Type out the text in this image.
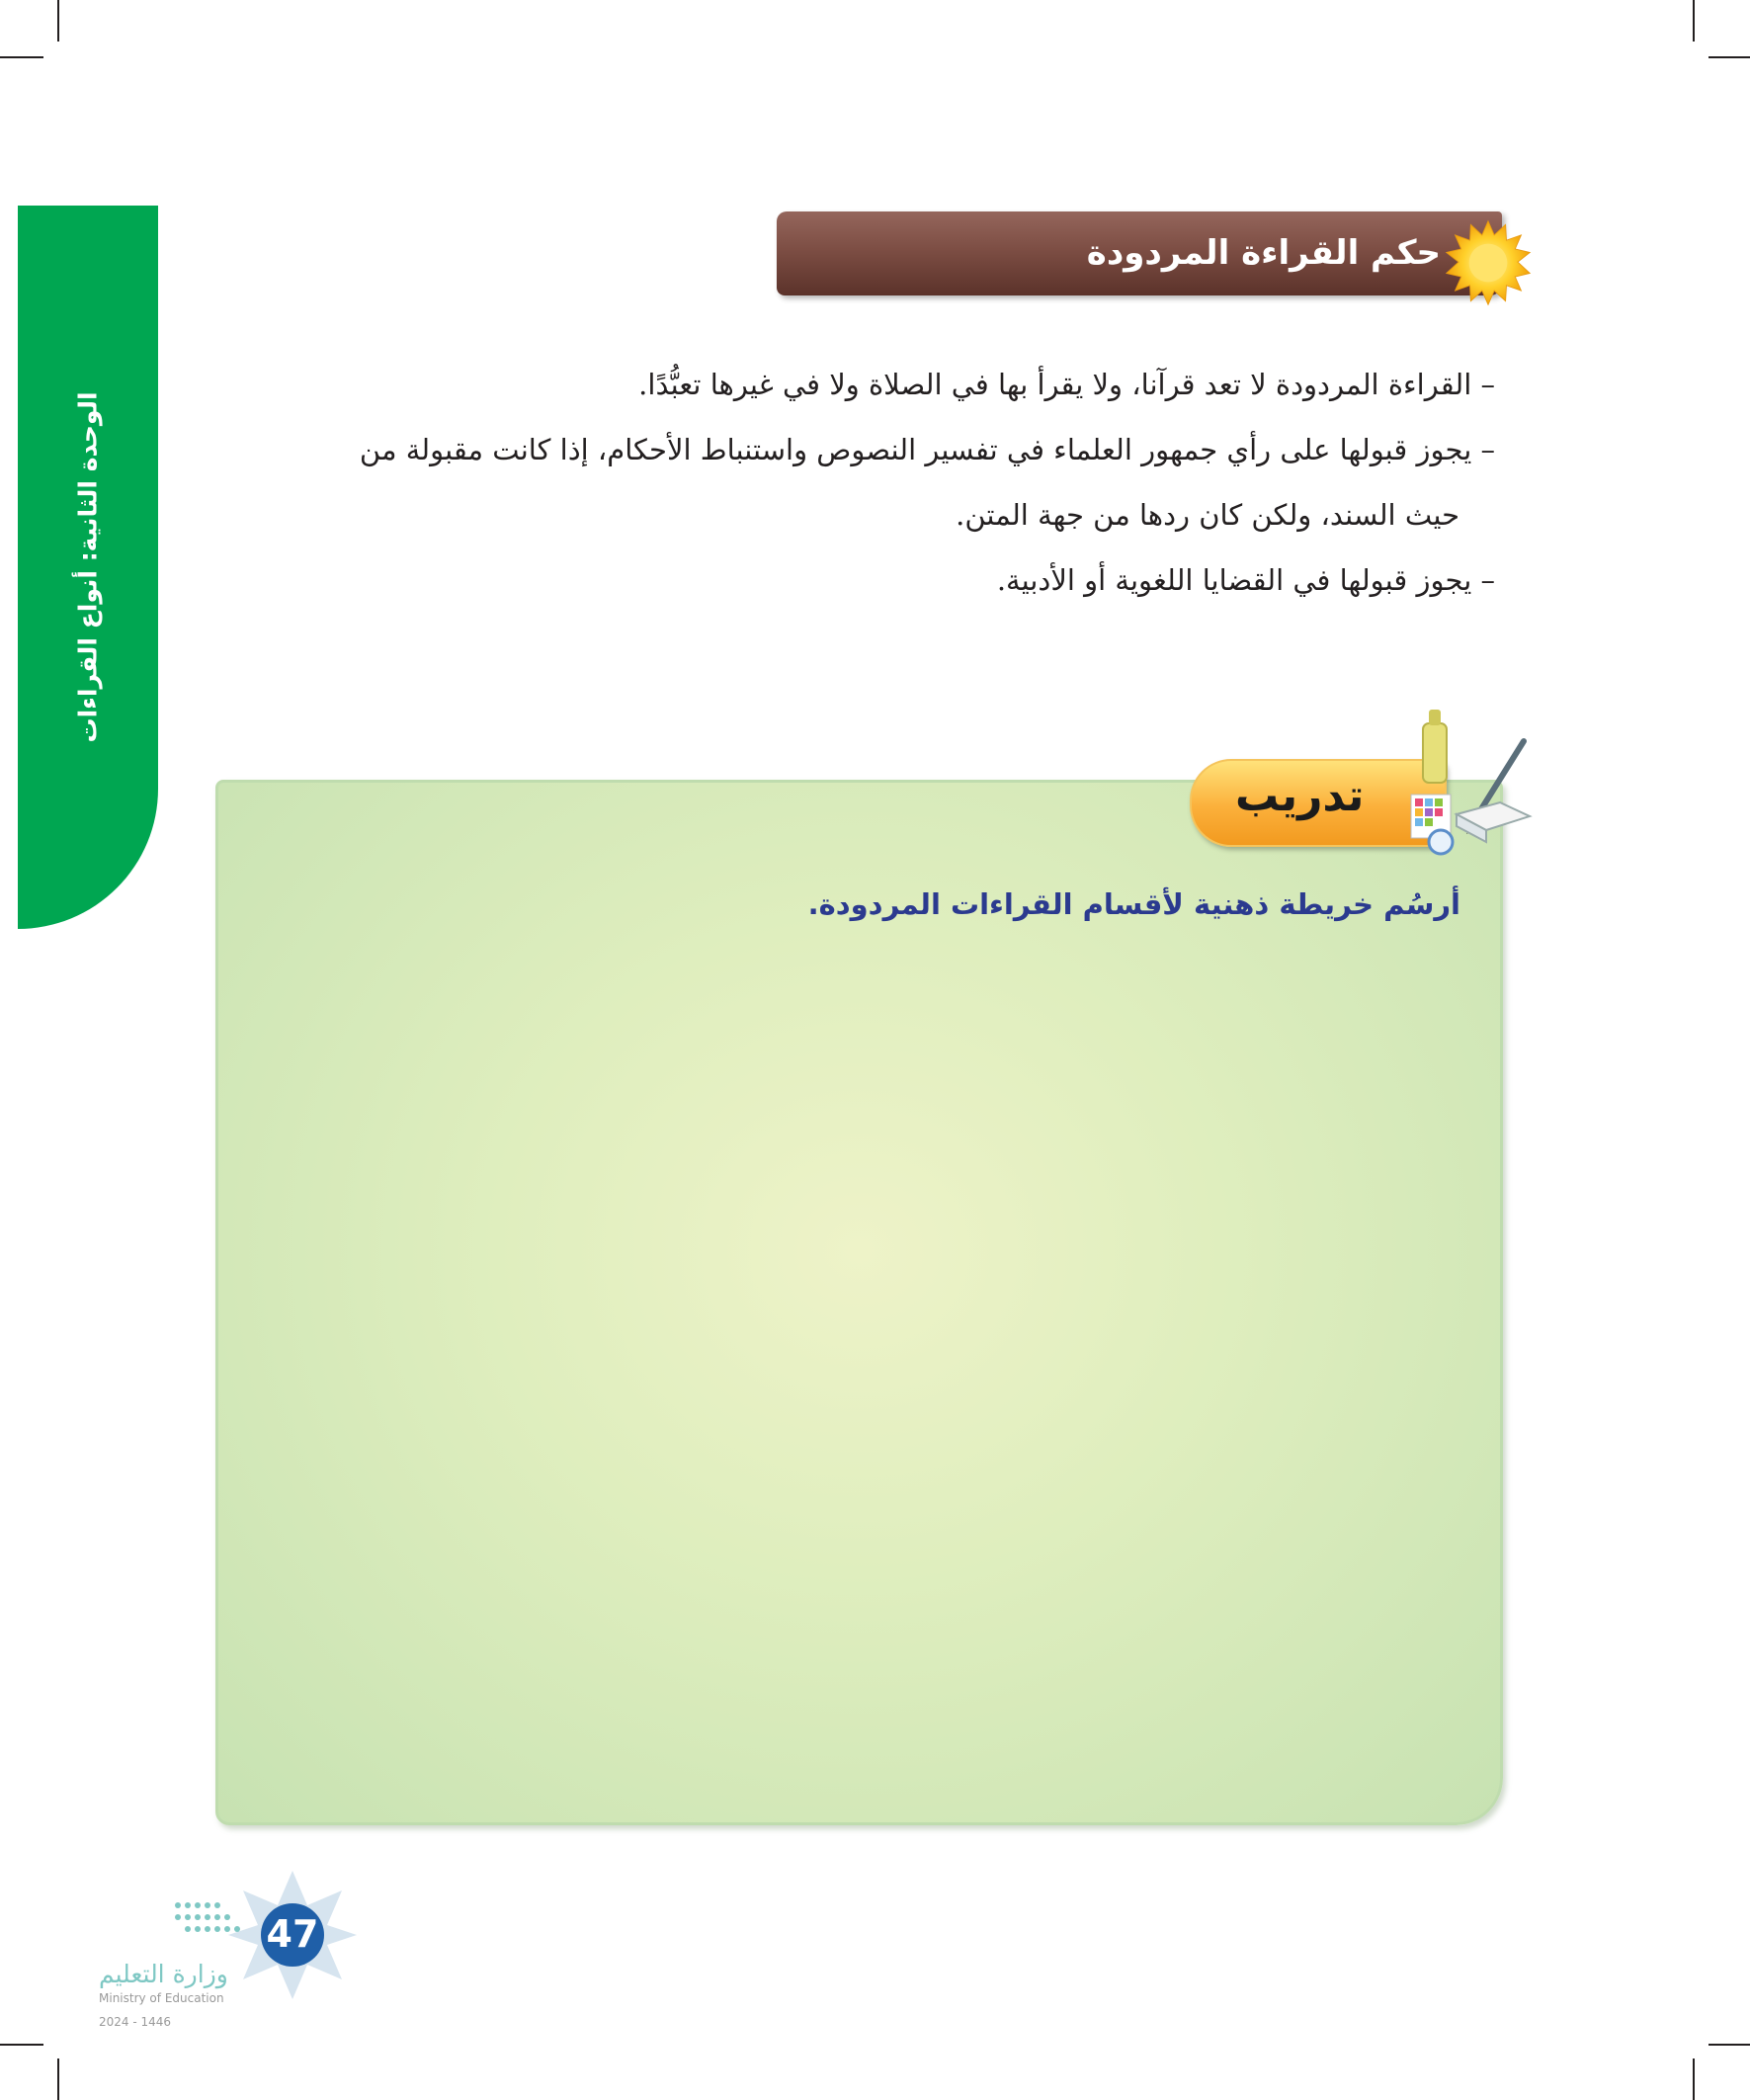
الوحدة الثانية: أنواع القراءات
حكم القراءة المردودة

– القراءة المردودة لا تعد قرآنا، ولا يقرأ بها في الصلاة ولا في غيرها تعبُّدًا.

– يجوز قبولها على رأي جمهور العلماء في تفسير النصوص واستنباط الأحكام، إذا كانت مقبولة من

حيث السند، ولكن كان ردها من جهة المتن.

– يجوز قبولها في القضايا اللغوية أو الأدبية.

تدريب
أرسُم خريطة ذهنية لأقسام القراءات المردودة.
47
وزارة التعليم
Ministry of Education
2024 - 1446
